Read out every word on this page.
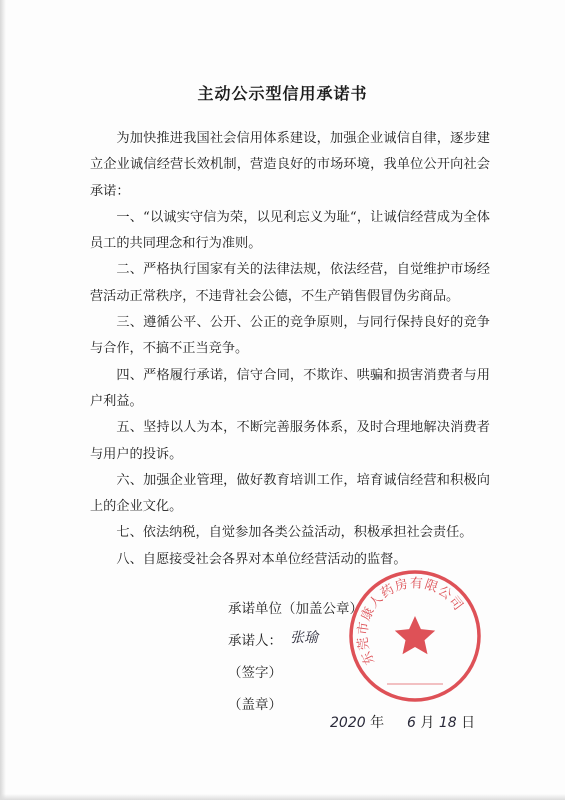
主动公示型信用承诺书

为加快推进我国社会信用体系建设，加强企业诚信自律，逐步建立企业诚信经营长效机制，营造良好的市场环境，我单位公开向社会承诺：

一、“以诚实守信为荣，以见利忘义为耻“，让诚信经营成为全体员工的共同理念和行为准则。

二、严格执行国家有关的法律法规，依法经营，自觉维护市场经营活动正常秩序，不违背社会公德，不生产销售假冒伪劣商品。

三、遵循公平、公开、公正的竞争原则，与同行保持良好的竞争与合作，不搞不正当竞争。

四、严格履行承诺，信守合同，不欺诈、哄骗和损害消费者与用户利益。

五、坚持以人为本，不断完善服务体系，及时合理地解决消费者与用户的投诉。

六、加强企业管理，做好教育培训工作，培育诚信经营和积极向上的企业文化。

七、依法纳税，自觉参加各类公益活动，积极承担社会责任。

八、自愿接受社会各界对本单位经营活动的监督。

东莞市康人药房有限公司
承诺单位（加盖公章）
承诺人： 张瑜
（签字）
（盖章）
2020 年 6 月 18 日
